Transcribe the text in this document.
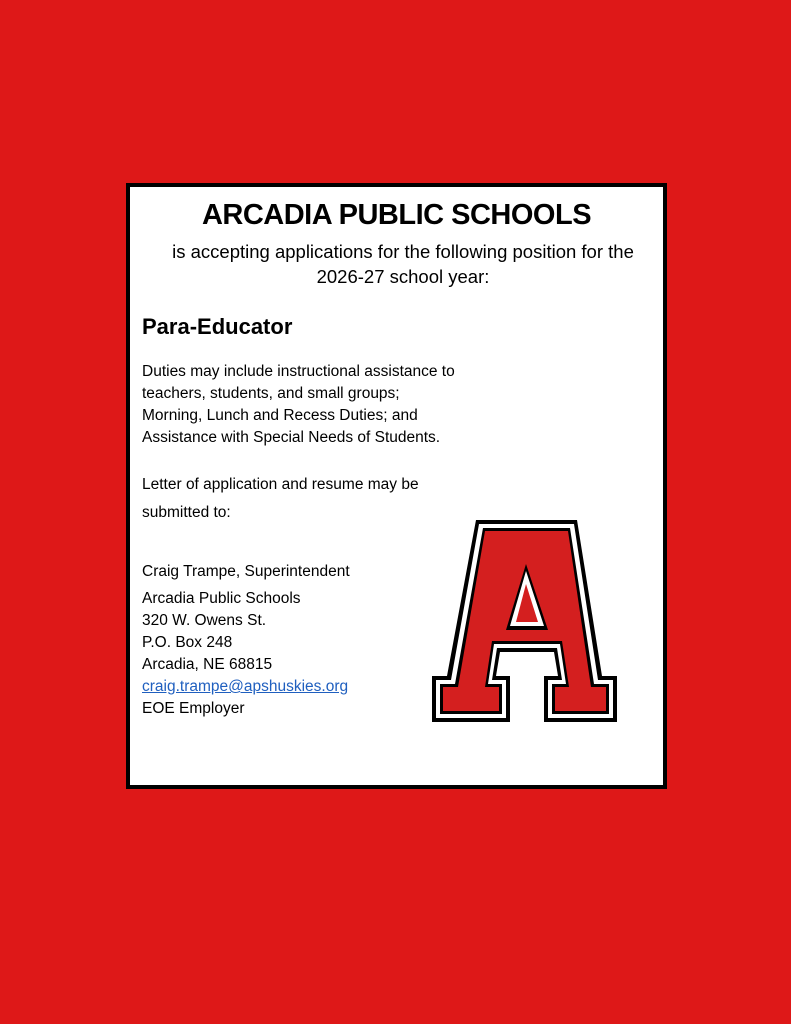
ARCADIA PUBLIC SCHOOLS

is accepting applications for the following position for the
2026-27 school year:

Para-Educator
Duties may include instructional assistance to
teachers, students, and small groups;
Morning, Lunch and Recess Duties; and
Assistance with Special Needs of Students.
Letter of application and resume may be
submitted to:
Craig Trampe, Superintendent
Arcadia Public Schools
320 W. Owens St.
P.O. Box 248
Arcadia, NE 68815
craig.trampe@apshuskies.org
EOE Employer
